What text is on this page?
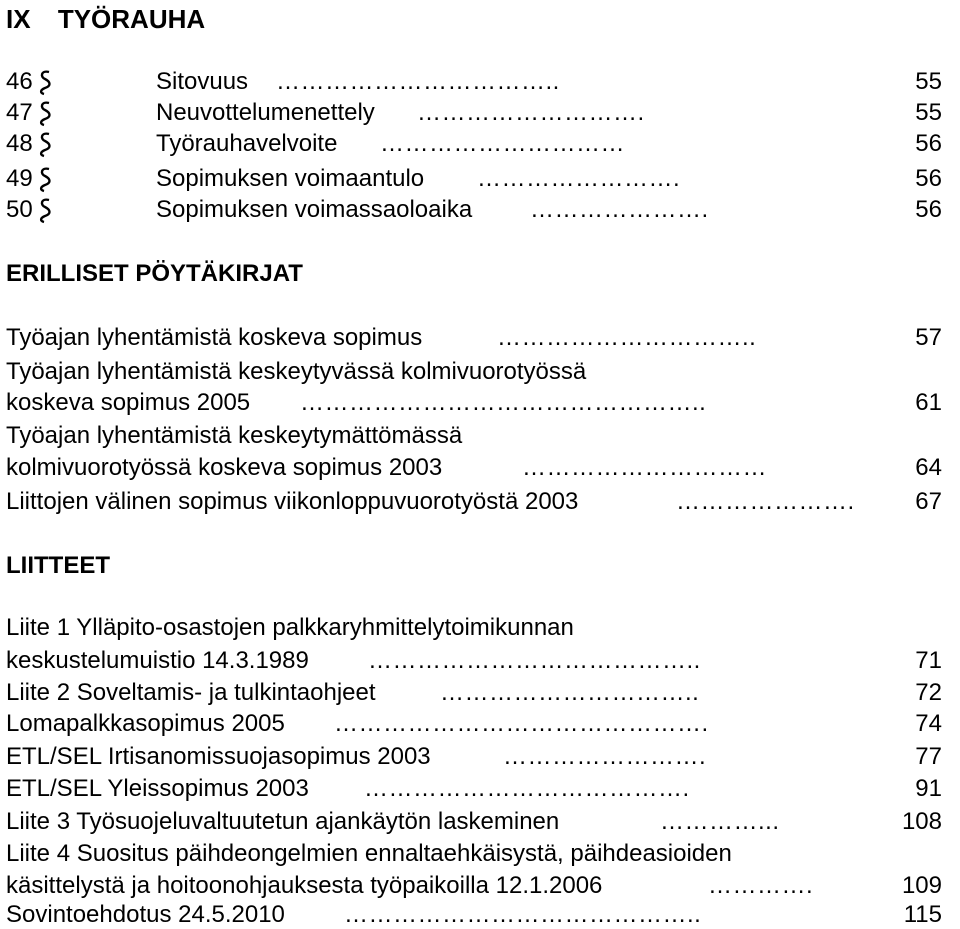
IX TYÖRAUHA
46	Sitovuus ……………………………..	55
47	Neuvottelumenettely ……………………….	55
48	Työrauhavelvoite …………………………	56
49	Sopimuksen voimaantulo …………………….	56
50	Sopimuksen voimassaoloaika ………………….	56
ERILLISET PÖYTÄKIRJAT
Työajan lyhentämistä koskeva sopimus	…………………………..	57
Työajan lyhentämistä keskeytyvässä kolmivuorotyössä
koskeva sopimus 2005 …………………………………………..	61
Työajan lyhentämistä keskeytymättömässä
kolmivuorotyössä koskeva sopimus 2003	…………………………	64
Liittojen välinen sopimus viikonloppuvuorotyöstä 2003	………………….	67
LIITTEET
Liite 1 Ylläpito-osastojen palkkaryhmittelytoimikunnan
keskustelumuistio 14.3.1989 …………………………………..	71
Liite 2 Soveltamis- ja tulkintaohjeet	…………………………..	72
Lomapalkkasopimus 2005 ……………………………………….	74
ETL/SEL Irtisanomissuojasopimus 2003	…………………….	77
ETL/SEL Yleissopimus 2003 ………………………………….	91
Liite 3 Työsuojeluvaltuutetun ajankäytön laskeminen	…………...	108
Liite 4 Suositus päihdeongelmien ennaltaehkäisystä, päihdeasioiden
käsittelystä ja hoitoonohjauksesta työpaikoilla 12.1.2006	………….	109
Sovintoehdotus 24.5.2010 ……………………………………..	115
